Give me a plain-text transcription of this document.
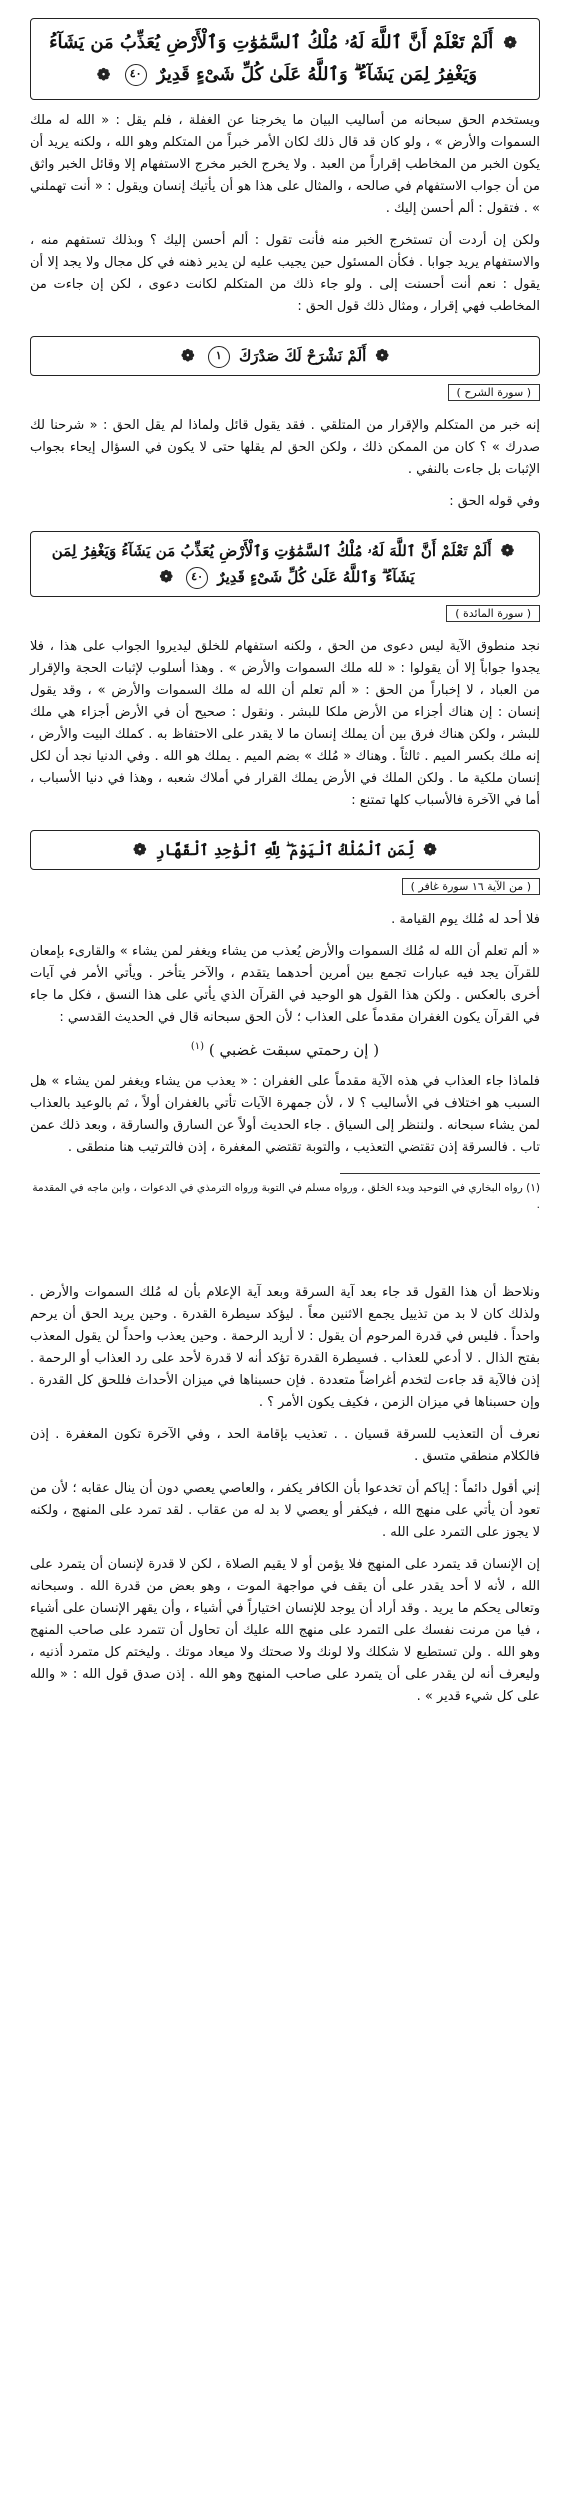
❁ أَلَمْ تَعْلَمْ أَنَّ ٱللَّهَ لَهُۥ مُلْكُ ٱلسَّمَٰوَٰتِ وَٱلْأَرْضِ يُعَذِّبُ مَن يَشَآءُ وَيَغْفِرُ لِمَن يَشَآءُ ۗ وَٱللَّهُ عَلَىٰ كُلِّ شَىْءٍ قَدِيرٌ ٤٠ ❁

ويستخدم الحق سبحانه من أساليب البيان ما يخرجنا عن الغفلة ، فلم يقل : « الله له ملك السموات والأرض » ، ولو كان قد قال ذلك لكان الأمر خبراً من المتكلم وهو الله ، ولكنه يريد أن يكون الخبر من المخاطب إقراراً من العبد . ولا يخرج الخبر مخرج الاستفهام إلا وقائل الخبر واثق من أن جواب الاستفهام في صالحه ، والمثال على هذا هو أن يأتيك إنسان ويقول : « أنت تهملني » . فتقول : ألم أحسن إليك .

ولكن إن أردت أن تستخرج الخبر منه فأنت تقول : ألم أحسن إليك ؟ وبذلك تستفهم منه ، والاستفهام يريد جوابا . فكأن المسئول حين يجيب عليه لن يدير ذهنه في كل مجال ولا يجد إلا أن يقول : نعم أنت أحسنت إلى . ولو جاء ذلك من المتكلم لكانت دعوى ، لكن إن جاءت من المخاطب فهي إقرار ، ومثال ذلك قول الحق :

❁ أَلَمْ نَشْرَحْ لَكَ صَدْرَكَ ١ ❁
( سورة الشرح )

إنه خبر من المتكلم والإقرار من المتلقي . فقد يقول قائل ولماذا لم يقل الحق : « شرحنا لك صدرك » ؟ كان من الممكن ذلك ، ولكن الحق لم يقلها حتى لا يكون في السؤال إيحاء بجواب الإثبات بل جاءت بالنفي .

وفي قوله الحق :

❁ أَلَمْ تَعْلَمْ أَنَّ ٱللَّهَ لَهُۥ مُلْكُ ٱلسَّمَٰوَٰتِ وَٱلْأَرْضِ يُعَذِّبُ مَن يَشَآءُ وَيَغْفِرُ لِمَن يَشَآءُ ۗ وَٱللَّهُ عَلَىٰ كُلِّ شَىْءٍ قَدِيرٌ ٤٠ ❁
( سورة المائدة )

نجد منطوق الآية ليس دعوى من الحق ، ولكنه استفهام للخلق ليديروا الجواب على هذا ، فلا يجدوا جواباً إلا أن يقولوا : « لله ملك السموات والأرض » . وهذا أسلوب لإثبات الحجة والإقرار من العباد ، لا إخباراً من الحق : « ألم تعلم أن الله له ملك السموات والأرض » ، وقد يقول إنسان : إن هناك أجزاء من الأرض ملكا للبشر . ونقول : صحيح أن في الأرض أجزاء هي ملك للبشر ، ولكن هناك فرق بين أن يملك إنسان ما لا يقدر على الاحتفاظ به . كملك البيت والأرض ، إنه ملك بكسر الميم . ثالثاً . وهناك « مُلك » بضم الميم . يملك هو الله . وفي الدنيا نجد أن لكل إنسان ملكية ما . ولكن الملك في الأرض يملك القرار في أملاك شعبه ، وهذا في دنيا الأسباب ، أما في الآخرة فالأسباب كلها تمتنع :

❁ لِّمَنِ ٱلْمُلْكُ ٱلْيَوْمَ ۖ لِلَّهِ ٱلْوَٰحِدِ ٱلْقَهَّارِ ❁
( من الآية ١٦ سورة غافر )

فلا أحد له مُلك يوم القيامة .

« ألم تعلم أن الله له مُلك السموات والأرض يُعذب من يشاء ويغفر لمن يشاء » والقارىء بإمعان للقرآن يجد فيه عبارات تجمع بين أمرين أحدهما يتقدم ، والآخر يتأخر . ويأتي الأمر في آيات أخرى بالعكس . ولكن هذا القول هو الوحيد في القرآن الذي يأتي على هذا النسق ، فكل ما جاء في القرآن يكون الغفران مقدماً على العذاب ؛ لأن الحق سبحانه قال في الحديث القدسي :

( إن رحمتي سبقت غضبي ) $^{(١)}$

فلماذا جاء العذاب في هذه الآية مقدماً على الغفران : « يعذب من يشاء ويغفر لمن يشاء » هل السبب هو اختلاف في الأساليب ؟ لا ، لأن جمهرة الآيات تأتي بالغفران أولاً ، ثم بالوعيد بالعذاب لمن يشاء سبحانه . ولننظر إلى السياق . جاء الحديث أولاً عن السارق والسارقة ، وبعد ذلك عمن تاب . فالسرقة إذن تقتضي التعذيب ، والتوبة تقتضي المغفرة ، إذن فالترتيب هنا منطقى .

(١) رواه البخاري في التوحيد وبدء الخلق ، ورواه مسلم في التوبة ورواه الترمذي في الدعوات ، وابن ماجه في المقدمة .

ونلاحظ أن هذا القول قد جاء بعد آية السرقة وبعد آية الإعلام بأن له مُلك السموات والأرض . ولذلك كان لا بد من تذييل يجمع الاثنين معاً . ليؤكد سيطرة القدرة . وحين يريد الحق أن يرحم واحداً . فليس في قدرة المرحوم أن يقول : لا أريد الرحمة . وحين يعذب واحداً لن يقول المعذب بفتح الذال . لا أدعي للعذاب . فسيطرة القدرة تؤكد أنه لا قدرة لأحد على رد العذاب أو الرحمة . إذن فالآية قد جاءت لتخدم أغراضاً متعددة . فإن حسبناها في ميزان الأحداث فللحق كل القدرة . وإن حسبناها في ميزان الزمن ، فكيف يكون الأمر ؟ .

نعرف أن التعذيب للسرقة قسيان . . تعذيب بإقامة الحد ، وفي الآخرة تكون المغفرة . إذن فالكلام منطقي متسق .

إني أقول دائماً : إياكم أن تخدعوا بأن الكافر يكفر ، والعاصي يعصي دون أن ينال عقابه ؛ لأن من تعود أن يأتي على منهج الله ، فيكفر أو يعصي لا بد له من عقاب . لقد تمرد على المنهج ، ولكنه لا يجوز على التمرد على الله .

إن الإنسان قد يتمرد على المنهج فلا يؤمن أو لا يقيم الصلاة ، لكن لا قدرة لإنسان أن يتمرد على الله ، لأنه لا أحد يقدر على أن يقف في مواجهة الموت ، وهو بعض من قدرة الله . وسبحانه وتعالى يحكم ما يريد . وقد أراد أن يوجد للإنسان اختياراً في أشياء ، وأن يقهر الإنسان على أشياء ، فيا من مرنت نفسك على التمرد على منهج الله عليك أن تحاول أن تتمرد على صاحب المنهج وهو الله . ولن تستطيع لا شكلك ولا لونك ولا صحتك ولا ميعاد موتك . وليختم كل متمرد أذنيه ، وليعرف أنه لن يقدر على أن يتمرد على صاحب المنهج وهو الله . إذن صدق قول الله : « والله على كل شيء قدير » .
